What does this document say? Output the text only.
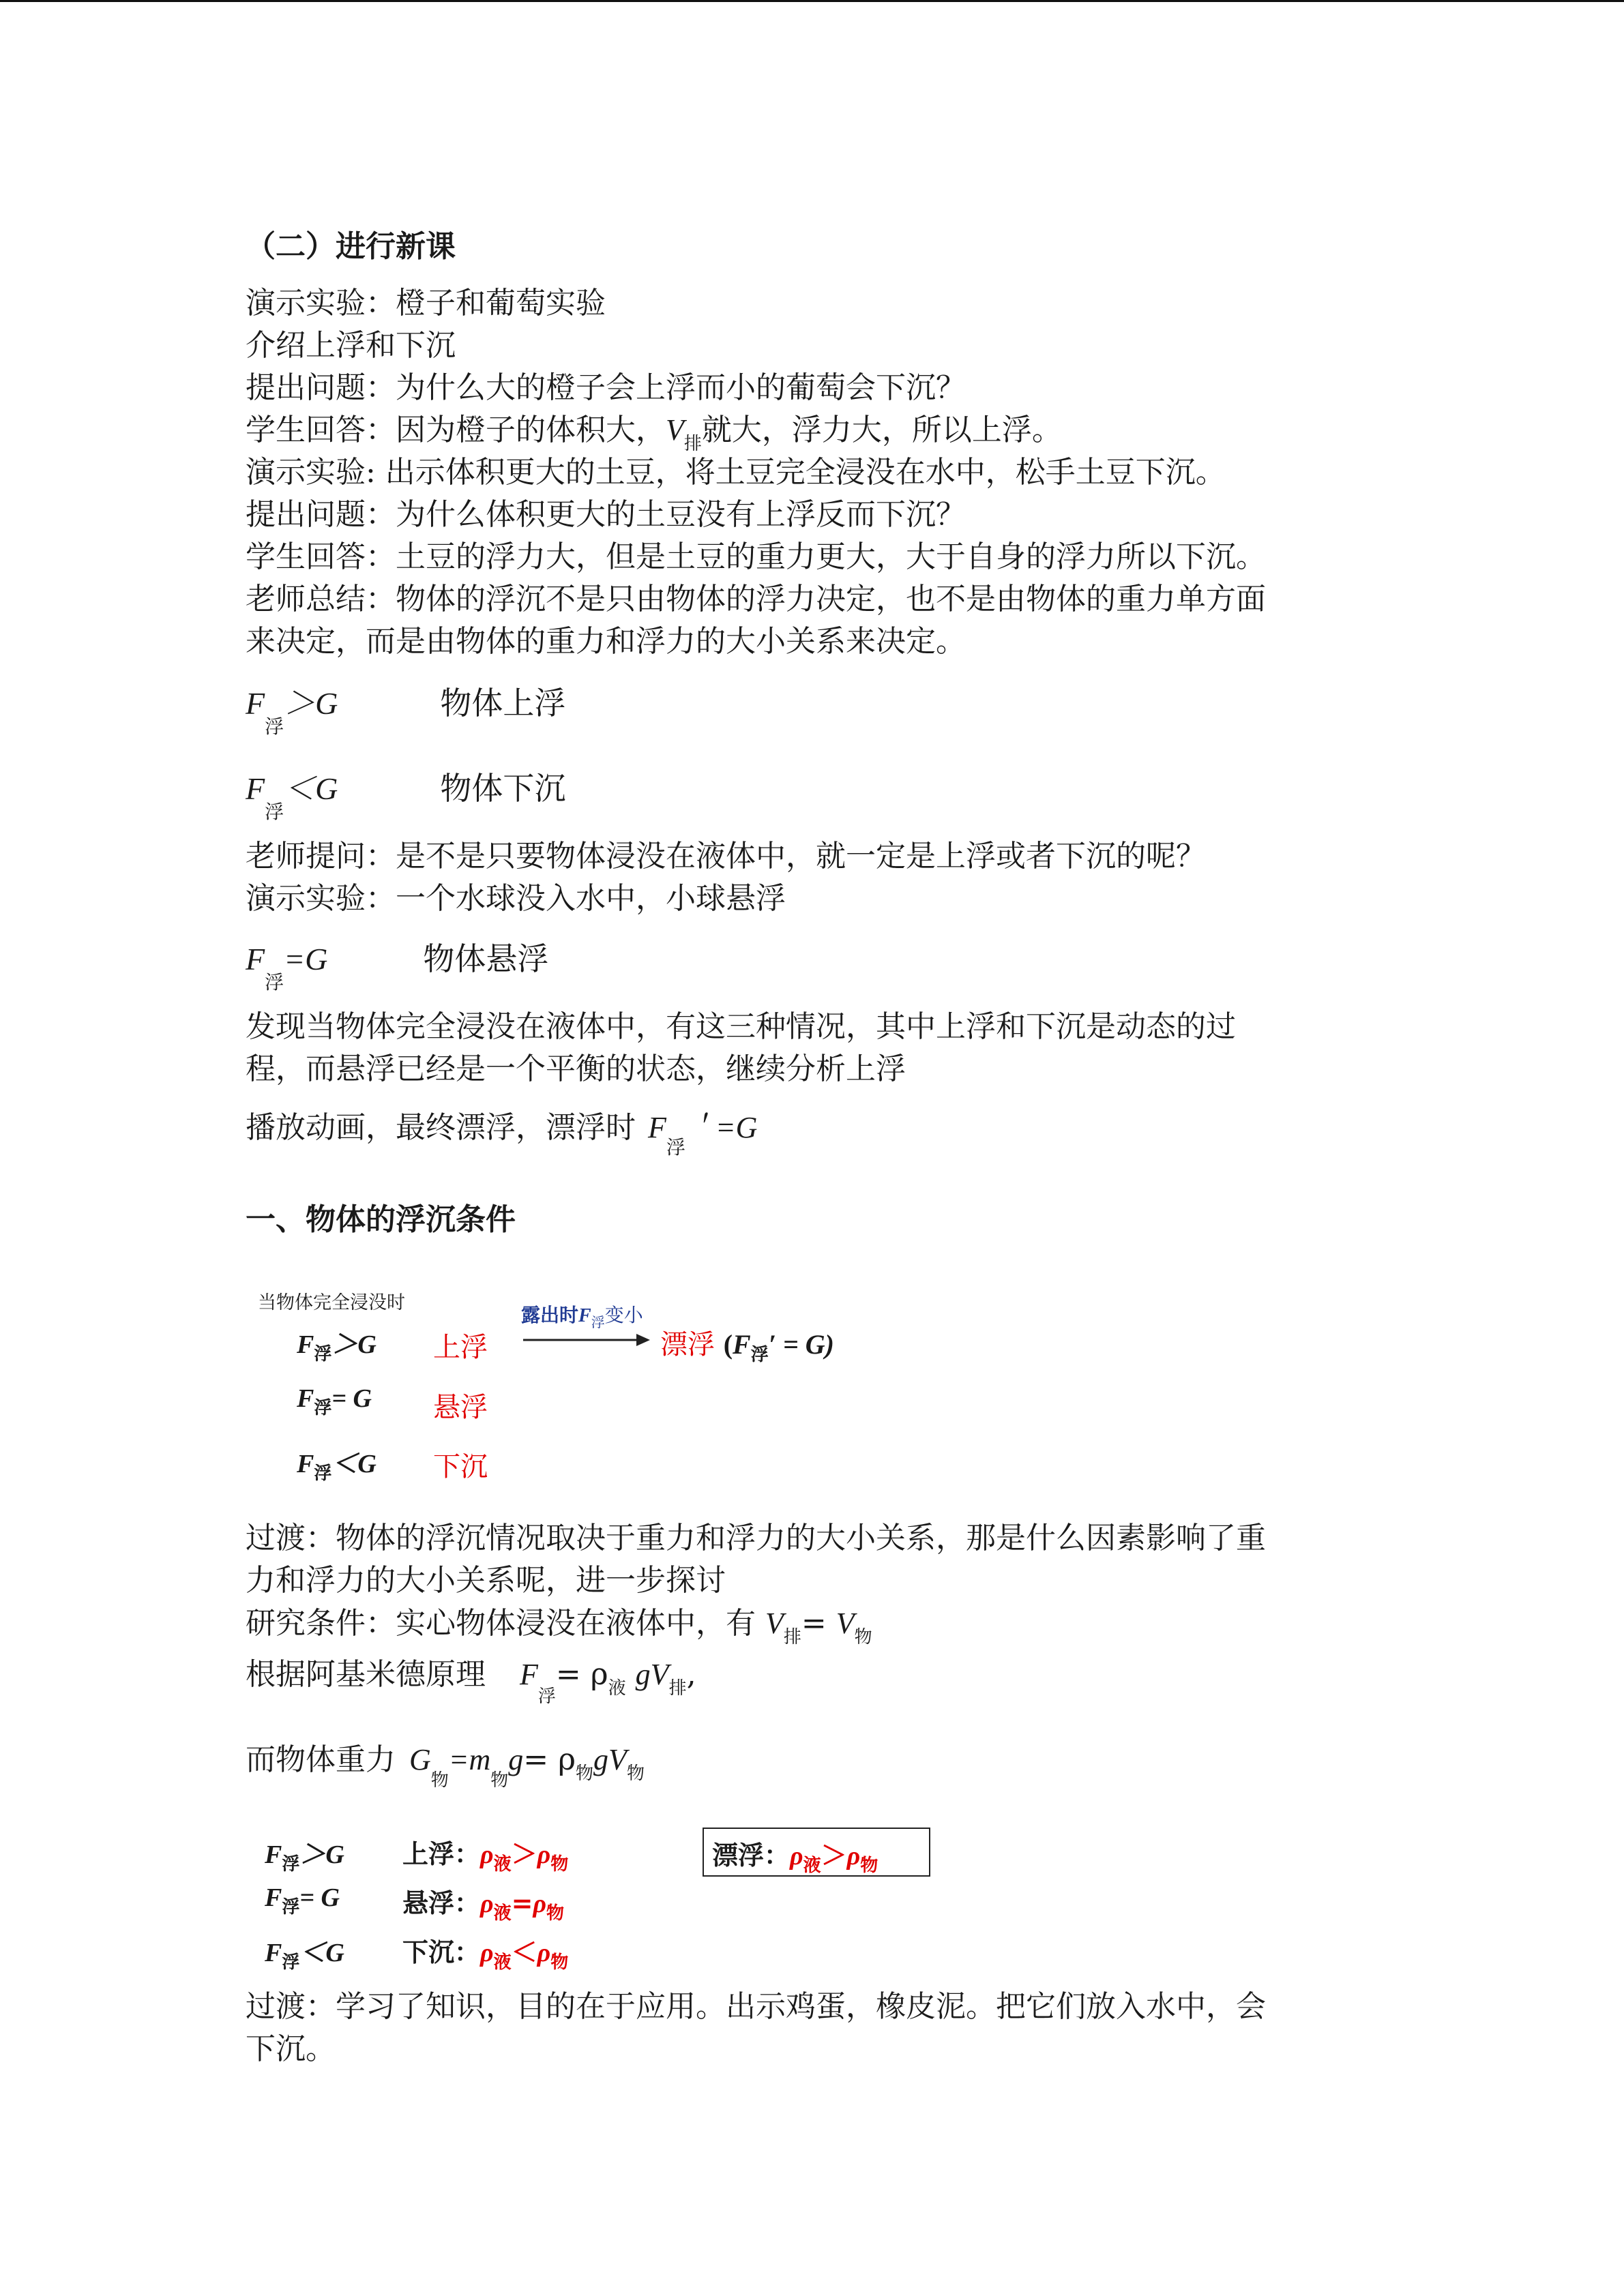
（二）进行新课
演示实验：橙子和葡萄实验
介绍上浮和下沉
提出问题：为什么大的橙子会上浮而小的葡萄会下沉？
学生回答：因为橙子的体积大，$V_排$就大，浮力大，所以上浮。
演示实验: 出示体积更大的土豆，将土豆完全浸没在水中，松手土豆下沉。
提出问题：为什么体积更大的土豆没有上浮反而下沉？
学生回答：土豆的浮力大，但是土豆的重力更大，大于自身的浮力所以下沉。
老师总结：物体的浮沉不是只由物体的浮力决定，也不是由物体的重力单方面
来决定，而是由物体的重力和浮力的大小关系来决定。
$F_浮>G$	物体上浮
$F_浮<G$	物体下沉
老师提问：是不是只要物体浸没在液体中，就一定是上浮或者下沉的呢？
演示实验：一个水球没入水中，小球悬浮
$F_浮=G$	物体悬浮
发现当物体完全浸没在液体中，有这三种情况，其中上浮和下沉是动态的过
程，而悬浮已经是一个平衡的状态，继续分析上浮
播放动画，最终漂浮，漂浮时 $F_浮$＇=G
一、物体的浮沉条件
当物体完全浸没时
露出时$F_浮$变小
$F_浮>G$ 上浮
$F_浮= G$ 悬浮
$F_浮<G$ 下沉
漂浮 $(F_浮' = G)$
过渡：物体的浮沉情况取决于重力和浮力的大小关系，那是什么因素影响了重
力和浮力的大小关系呢，进一步探讨
研究条件：实心物体浸没在液体中，有 $V_排= V_物$
根据阿基米德原理 $F_浮= \rho_液$ $gV_排$,
而物体重力 $G_物=m_物g= \rho_物gV_物$
$F_浮>G$ 上浮：$\rho_液>\rho_物$
$F_浮= G$ 悬浮：$\rho_液=\rho_物$
$F_浮<G$ 下沉：$\rho_液<\rho_物$
漂浮：$\rho_液>\rho_物$
过渡：学习了知识，目的在于应用。出示鸡蛋，橡皮泥。把它们放入水中，会
下沉。
